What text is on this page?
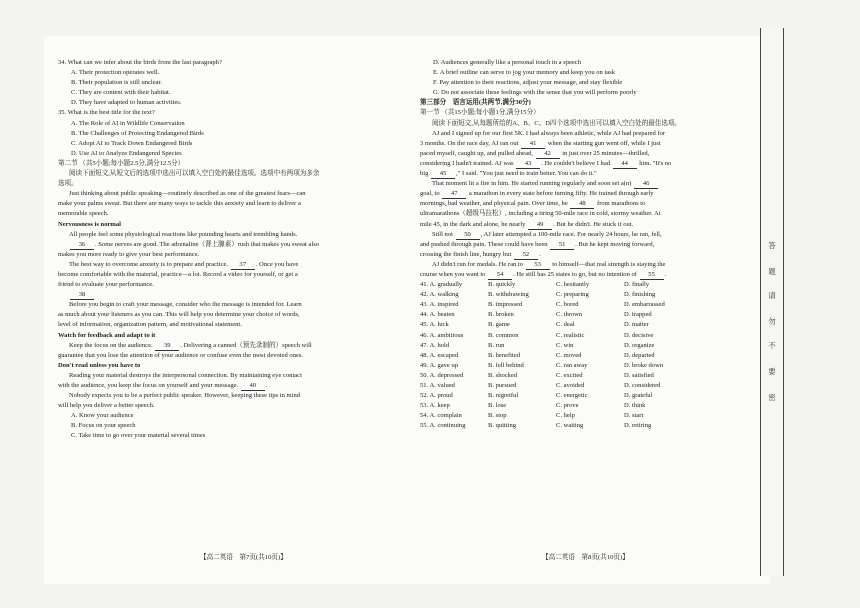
34. What can we infer about the birds from the last paragraph?
A. Their protection operates well.
B. Their population is still unclear.
C. They are content with their habitat.
D. They have adapted to human activities.
35. What is the best title for the text?
A. The Role of AI in Wildlife Conservation
B. The Challenges of Protecting Endangered Birds
C. Adopt AI to Track Down Endangered Birds
D. Use AI to Analyze Endangered Species
第二节 （共5小题;每小题2.5分,满分12.5分）
阅读下面短文,从短文后的选项中选出可以填入空白处的最佳选项。选项中有两项为多余
选项。
Just thinking about public speaking—routinely described as one of the greatest fears—can
make your palms sweat. But there are many ways to tackle this anxiety and learn to deliver a
memorable speech.
Nervousness is normal
All people feel some physiological reactions like pounding hearts and trembling hands.
36 . Some nerves are good. The adrenaline（肾上腺素）rush that makes you sweat also
makes you more ready to give your best performance.
The best way to overcome anxiety is to prepare and practice. 37 . Once you have
become comfortable with the material, practice—a lot. Record a video for yourself, or get a
friend to evaluate your performance.
38
Before you begin to craft your message, consider who the message is intended for. Learn
as much about your listeners as you can. This will help you determine your choice of words,
level of information, organization pattern, and motivational statement.
Watch for feedback and adapt to it
Keep the focus on the audience. 39 . Delivering a canned（预先录制的）speech will
guarantee that you lose the attention of your audience or confuse even the most devoted ones.
Don't read unless you have to
Reading your material destroys the interpersonal connection. By maintaining eye contact
with the audience, you keep the focus on yourself and your message. 40 .
Nobody expects you to be a perfect public speaker. However, keeping these tips in mind
will help you deliver a better speech.
A. Know your audience
B. Focus on your speech
C. Take time to go over your material several times
D. Audiences generally like a personal touch in a speech
E. A brief outline can serve to jog your memory and keep you on task
F. Pay attention to their reactions, adjust your message, and stay flexible
G. Do not associate these feelings with the sense that you will perform poorly
第三部分　语言运用(共两节,满分30分)
第一节 （共15小题;每小题1分,满分15分）
阅读下面短文,从每题所给的A、B、C、D四个选项中选出可以填入空白处的最佳选项。
AJ and I signed up for our first 5K. I had always been athletic, while AJ had prepared for
3 months. On the race day, AJ ran out 41 when the starting gun went off, while I just
paced myself, caught up, and pulled ahead, 42 in just over 25 minutes—thrilled,
considering I hadn't trained. AJ was 43 . He couldn't believe I had 44 him. "It's no
big 45 ," I said. "You just need to train better. You can do it."
That moment lit a fire in him. He started running regularly and soon set a(n) 46
goal, to 47 a marathon in every state before turning fifty. He trained through early
mornings, bad weather, and physical pain. Over time, he 48 from marathons to
ultramarathons（超级马拉松）, including a tiring 50-mile race in cold, stormy weather. At
mile 45, in the dark and alone, he nearly 49 . But he didn't. He stuck it out.
Still not 50 , AJ later attempted a 100-mile race. For nearly 24 hours, he ran, fell,
and pushed through pain. These could have been 51 . But he kept moving forward,
crossing the finish line, hungry but 52 .
AJ didn't run for medals. He ran to 53 to himself—that real strength is staying the
course when you want to 54 . He still has 25 states to go, but no intention of 55 .
41. A. gradually	B. quickly	C. hesitantly	D. finally
42. A. walking	B. withdrawing	C. preparing	D. finishing
43. A. inspired	B. impressed	C. bored	D. embarrassed
44. A. beaten	B. broken	C. thrown	D. trapped
45. A. luck	B. game	C. deal	D. matter
46. A. ambitious	B. common	C. realistic	D. decisive
47. A. hold	B. run	C. win	D. organize
48. A. escaped	B. benefited	C. moved	D. departed
49. A. gave up	B. fell behind	C. ran away	D. broke down
50. A. depressed	B. shocked	C. excited	D. satisfied
51. A. valued	B. pursued	C. avoided	D. considered
52. A. proud	B. regretful	C. energetic	D. grateful
53. A. keep	B. lose	C. prove	D. think
54. A. complain	B. stop	C. help	D. start
55. A. continuing	B. quitting	C. waiting	D. retiring
【高二英语　第7页(共10页)】	【高二英语　第8页(共10页)】
答
题
请
勿
不
要
密
